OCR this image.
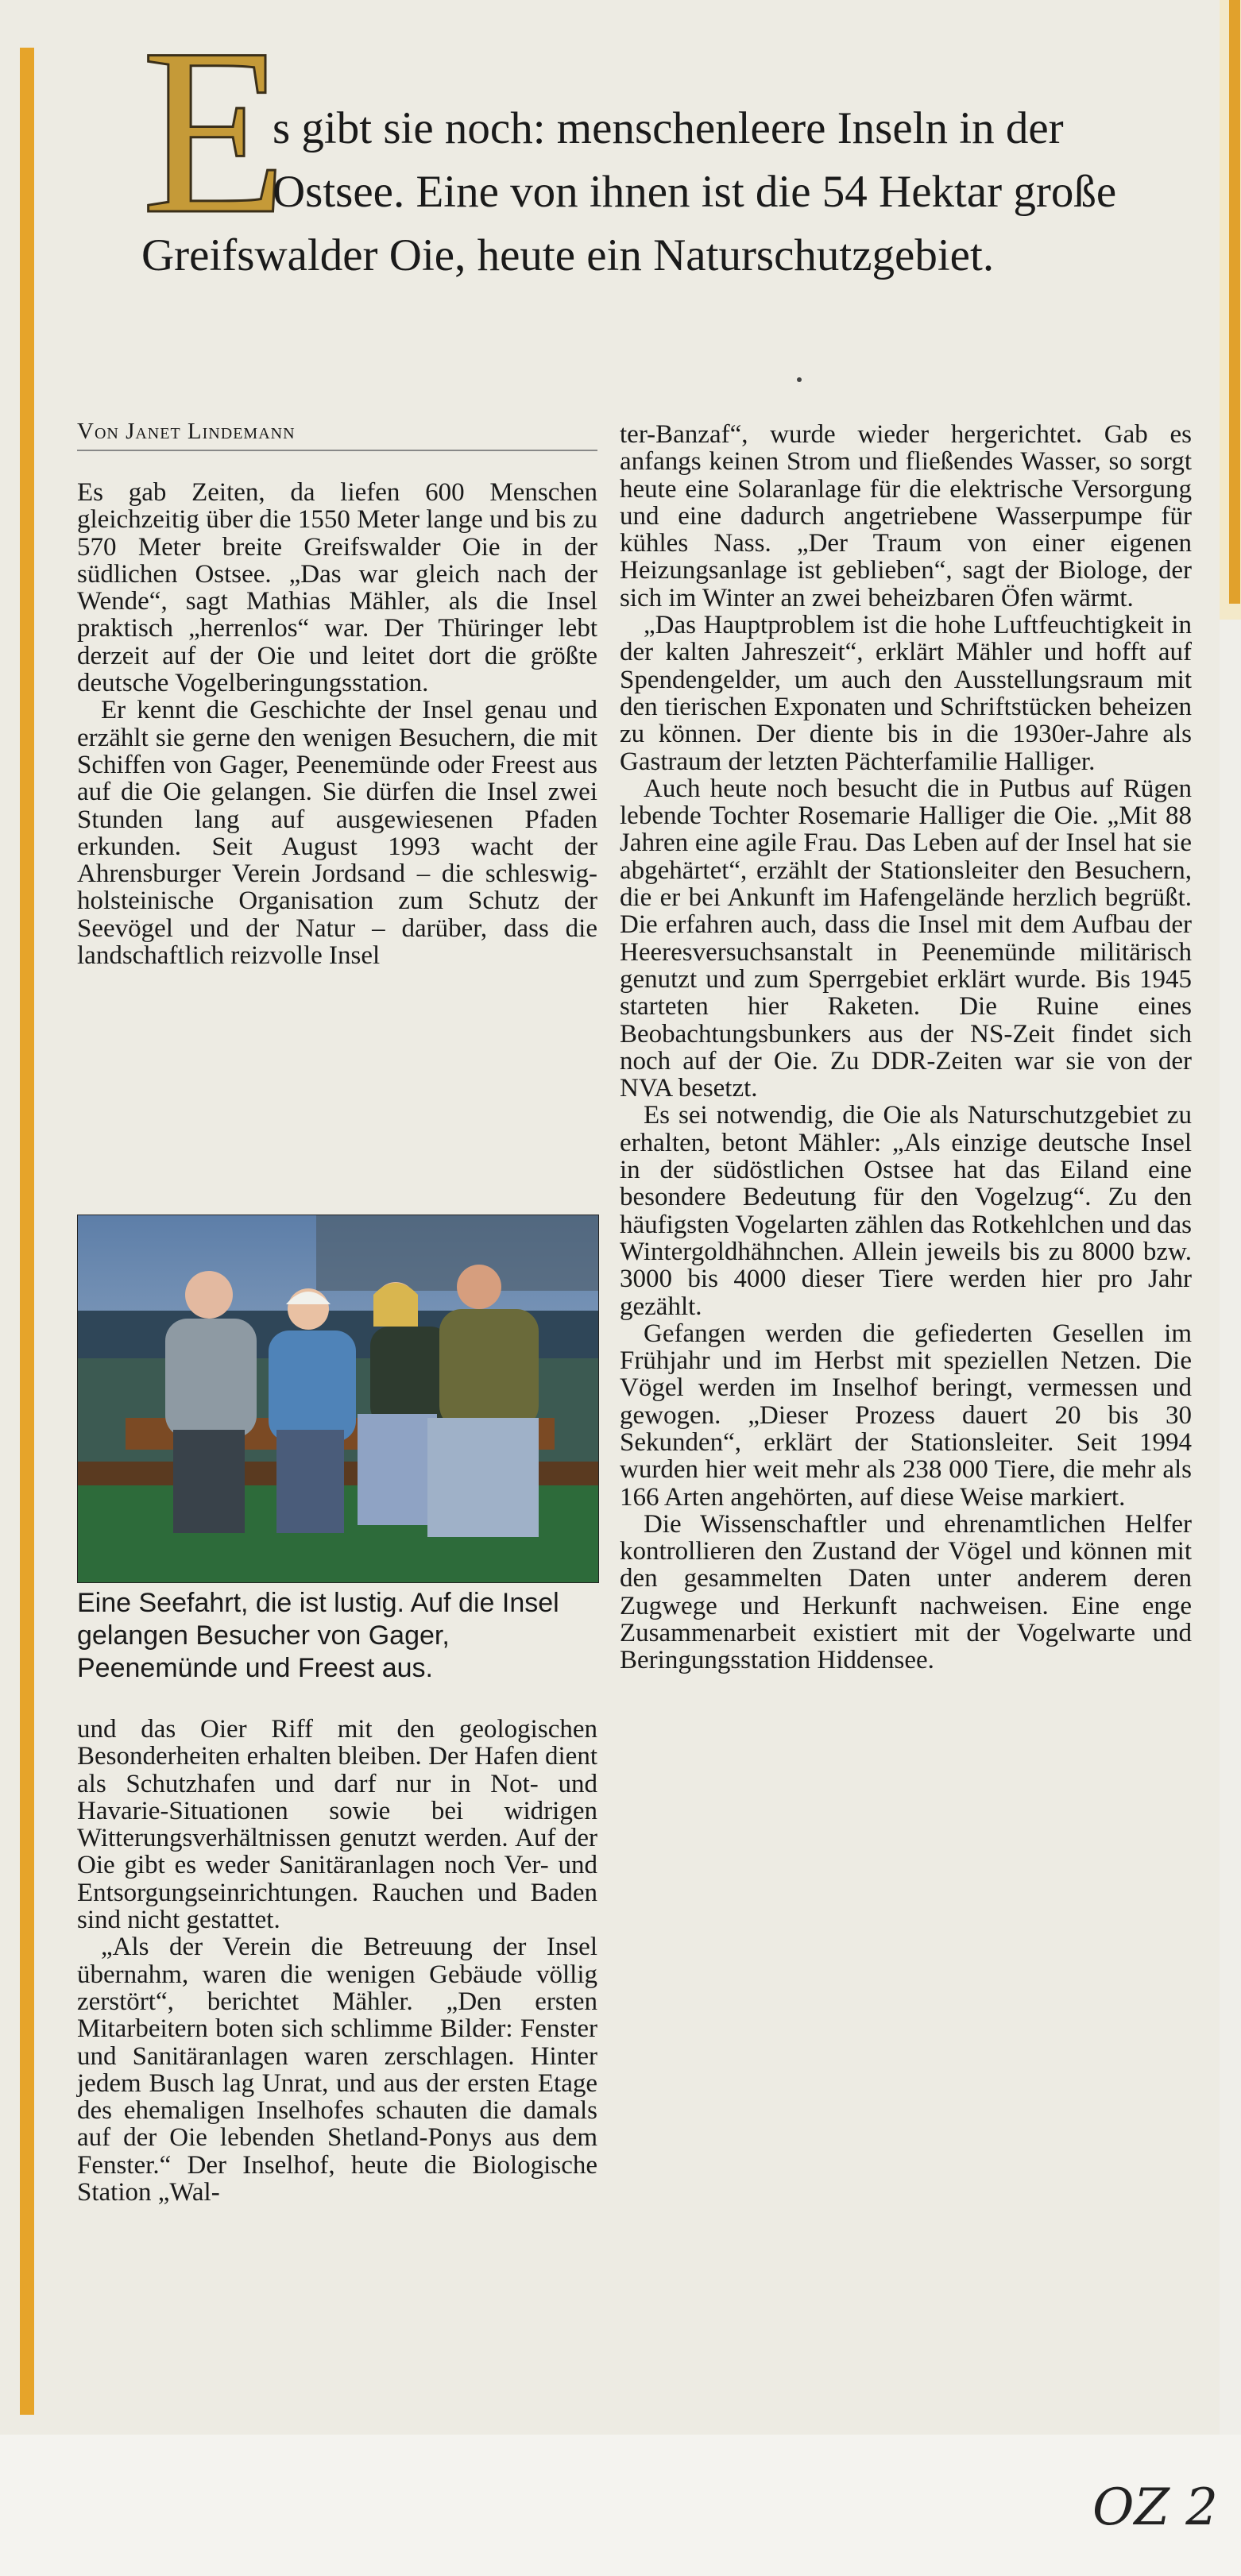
E
s gibt sie noch: menschenleere Inseln in der Ostsee. Eine von ihnen ist die 54 Hektar große Greifswalder Oie, heute ein Naturschutzgebiet.
Von Janet Lindemann

Es gab Zeiten, da liefen 600 Menschen gleichzeitig über die 1550 Meter lange und bis zu 570 Meter breite Greifswalder Oie in der südlichen Ostsee. „Das war gleich nach der Wende“, sagt Mathias Mähler, als die Insel praktisch „herrenlos“ war. Der Thüringer lebt derzeit auf der Oie und leitet dort die größte deutsche Vogelberingungsstation.

Er kennt die Geschichte der Insel genau und erzählt sie gerne den wenigen Besuchern, die mit Schiffen von Gager, Peenemünde oder Freest aus auf die Oie gelangen. Sie dürfen die Insel zwei Stunden lang auf ausgewiesenen Pfaden erkunden. Seit August 1993 wacht der Ahrensburger Verein Jordsand – die schleswig-holsteinische Organisation zum Schutz der Seevögel und der Natur – darüber, dass die landschaftlich reizvolle Insel

Eine Seefahrt, die ist lustig. Auf die Insel gelangen Besucher von Gager, Peenemünde und Freest aus.

und das Oier Riff mit den geologischen Besonderheiten erhalten bleiben. Der Hafen dient als Schutzhafen und darf nur in Not- und Havarie-Situationen sowie bei widrigen Witterungsverhältnissen genutzt werden. Auf der Oie gibt es weder Sanitäranlagen noch Ver- und Entsorgungseinrichtungen. Rauchen und Baden sind nicht gestattet.

„Als der Verein die Betreuung der Insel übernahm, waren die wenigen Gebäude völlig zerstört“, berichtet Mähler. „Den ersten Mitarbeitern boten sich schlimme Bilder: Fenster und Sanitäranlagen waren zerschlagen. Hinter jedem Busch lag Unrat, und aus der ersten Etage des ehemaligen Inselhofes schauten die damals auf der Oie lebenden Shetland-Ponys aus dem Fenster.“ Der Inselhof, heute die Biologische Station „Wal-

ter-Banzaf“, wurde wieder hergerichtet. Gab es anfangs keinen Strom und fließendes Wasser, so sorgt heute eine Solaranlage für die elektrische Versorgung und eine dadurch angetriebene Wasserpumpe für kühles Nass. „Der Traum von einer eigenen Heizungsanlage ist geblieben“, sagt der Biologe, der sich im Winter an zwei beheizbaren Öfen wärmt.

„Das Hauptproblem ist die hohe Luftfeuchtigkeit in der kalten Jahreszeit“, erklärt Mähler und hofft auf Spendengelder, um auch den Ausstellungsraum mit den tierischen Exponaten und Schriftstücken beheizen zu können. Der diente bis in die 1930er-Jahre als Gastraum der letzten Pächterfamilie Halliger.

Auch heute noch besucht die in Putbus auf Rügen lebende Tochter Rosemarie Halliger die Oie. „Mit 88 Jahren eine agile Frau. Das Leben auf der Insel hat sie abgehärtet“, erzählt der Stationsleiter den Besuchern, die er bei Ankunft im Hafengelände herzlich begrüßt. Die erfahren auch, dass die Insel mit dem Aufbau der Heeresversuchsanstalt in Peenemünde militärisch genutzt und zum Sperrgebiet erklärt wurde. Bis 1945 starteten hier Raketen. Die Ruine eines Beobachtungsbunkers aus der NS-Zeit findet sich noch auf der Oie. Zu DDR-Zeiten war sie von der NVA besetzt.

Es sei notwendig, die Oie als Naturschutzgebiet zu erhalten, betont Mähler: „Als einzige deutsche Insel in der südöstlichen Ostsee hat das Eiland eine besondere Bedeutung für den Vogelzug“. Zu den häufigsten Vogelarten zählen das Rotkehlchen und das Wintergoldhähnchen. Allein jeweils bis zu 8000 bzw. 3000 bis 4000 dieser Tiere werden hier pro Jahr gezählt.

Gefangen werden die gefiederten Gesellen im Frühjahr und im Herbst mit speziellen Netzen. Die Vögel werden im Inselhof beringt, vermessen und gewogen. „Dieser Prozess dauert 20 bis 30 Sekunden“, erklärt der Stationsleiter. Seit 1994 wurden hier weit mehr als 238 000 Tiere, die mehr als 166 Arten angehörten, auf diese Weise markiert.

Die Wissenschaftler und ehrenamtlichen Helfer kontrollieren den Zustand der Vögel und können mit den gesammelten Daten unter anderem deren Zugwege und Herkunft nachweisen. Eine enge Zusammenarbeit existiert mit der Vogelwarte und Beringungsstation Hiddensee.

OZ 2
